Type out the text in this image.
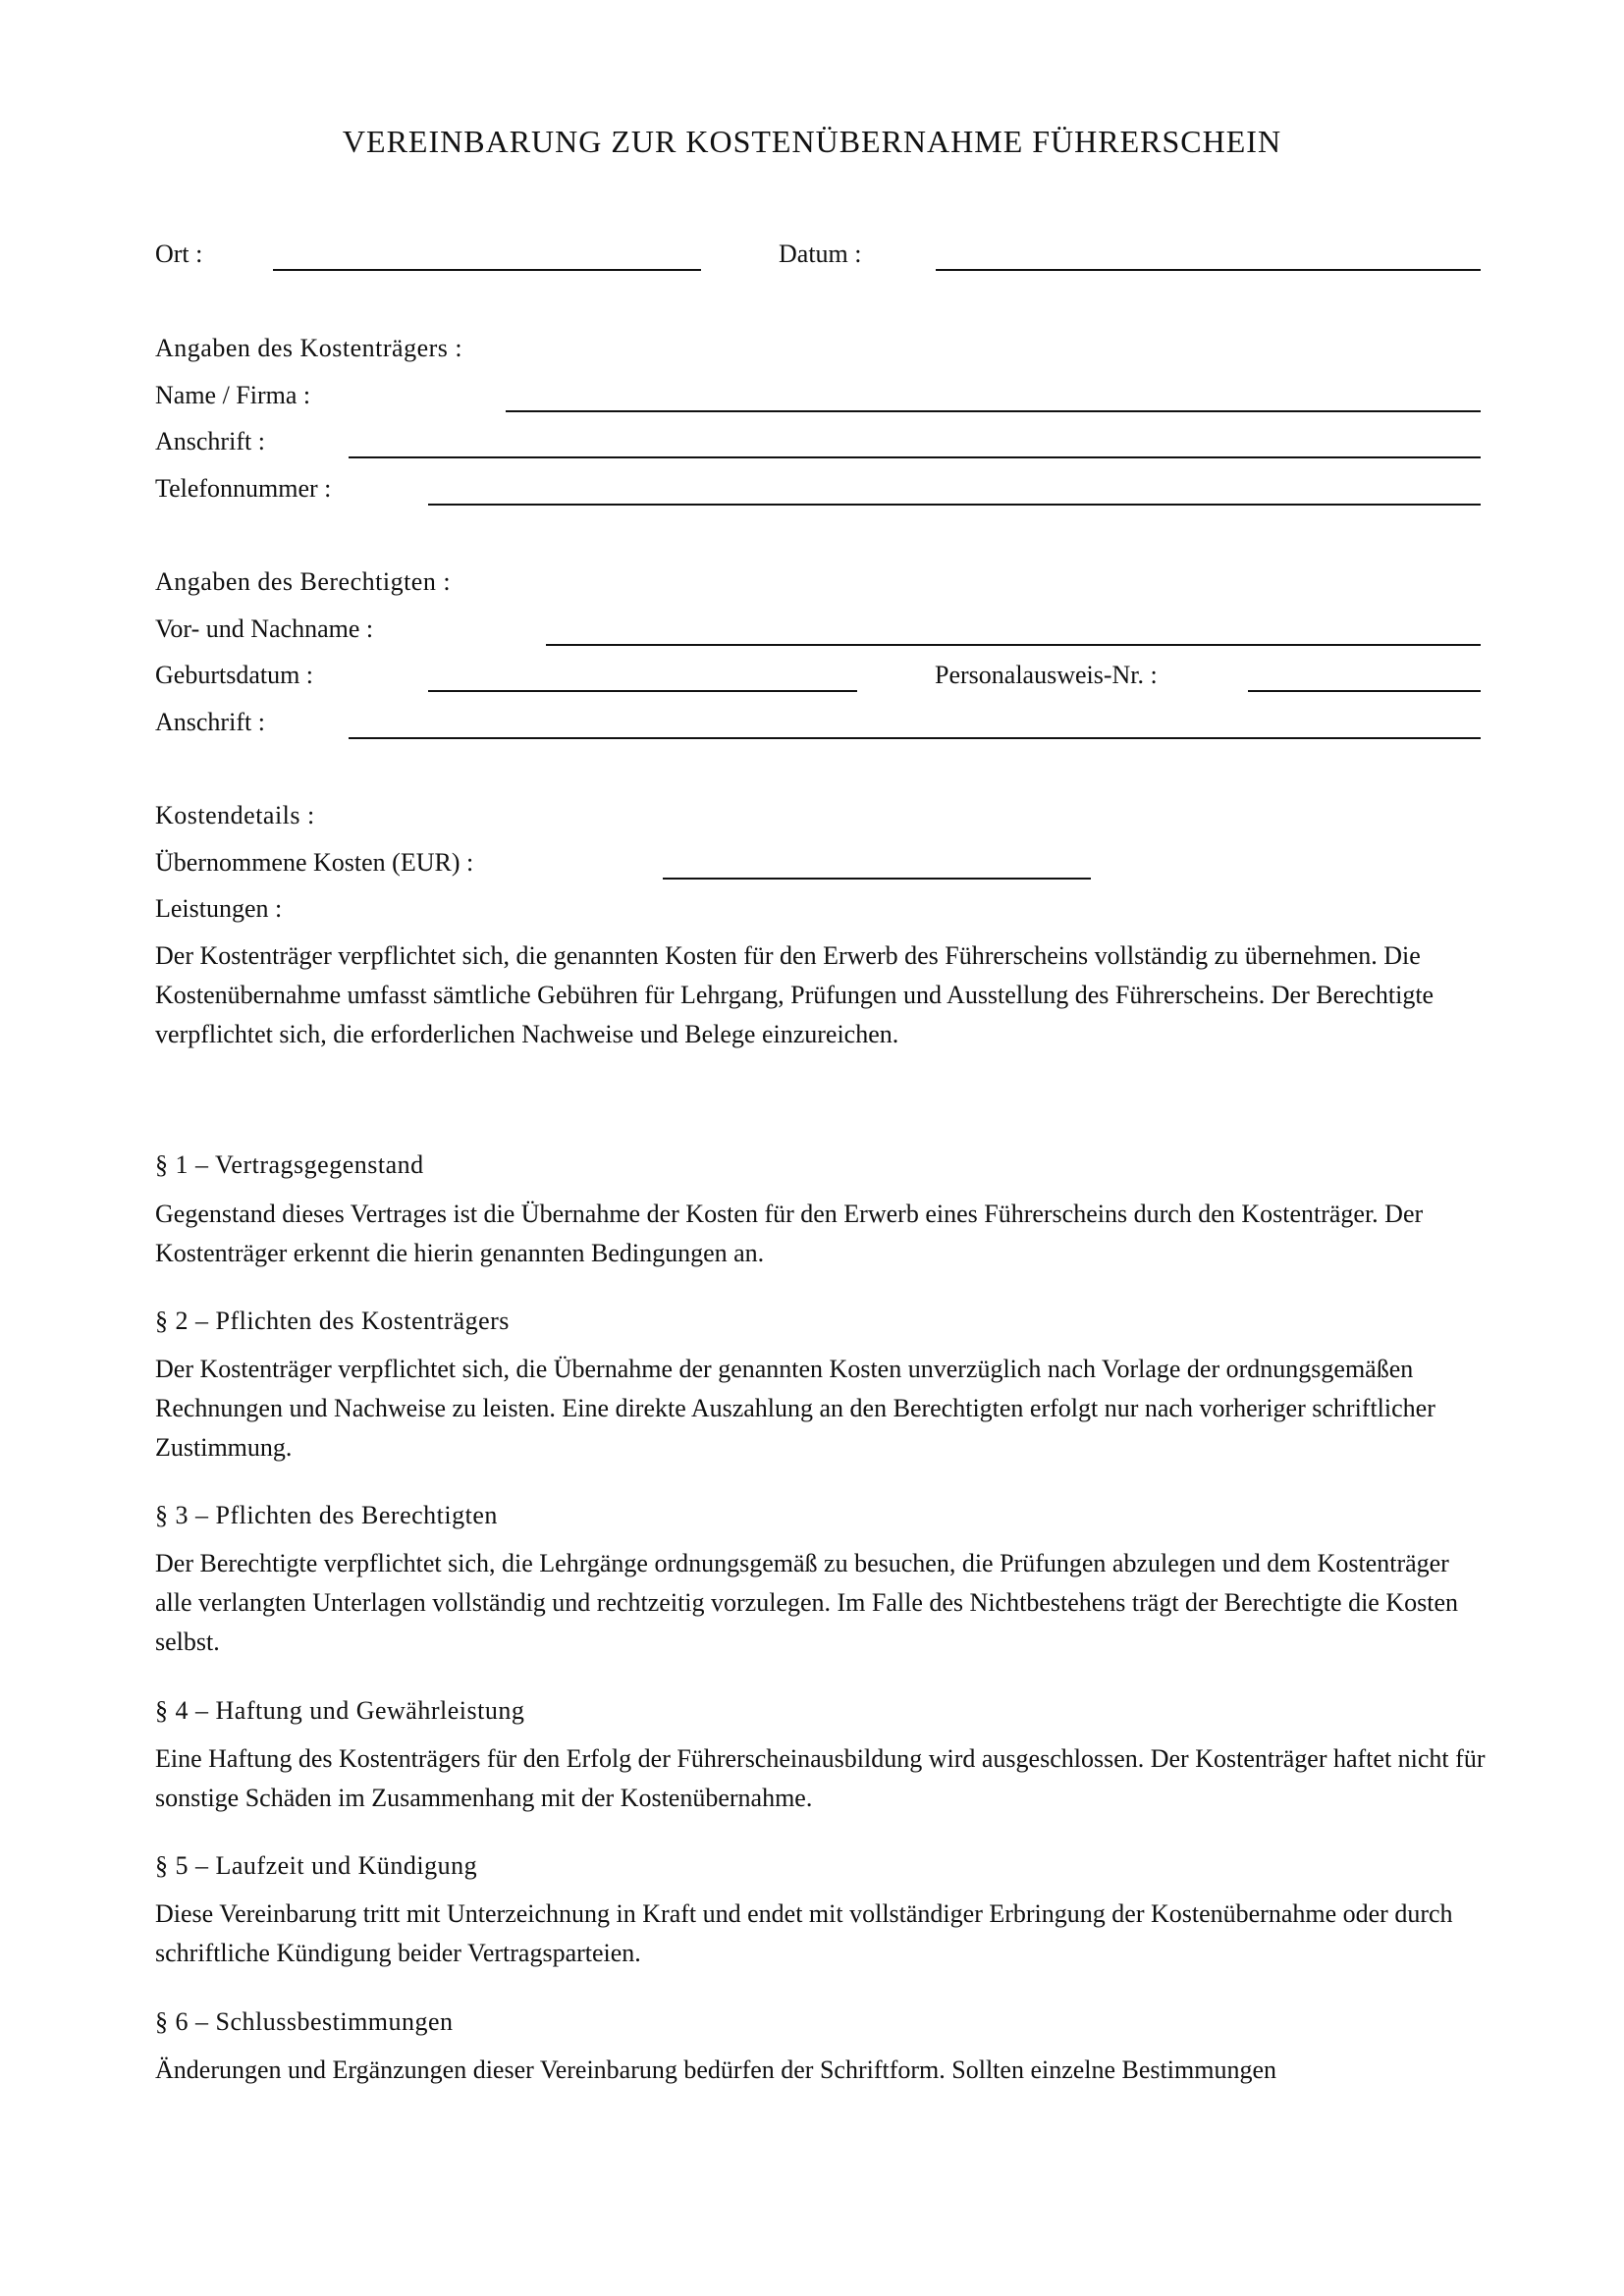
VEREINBARUNG ZUR KOSTENÜBERNAHME FÜHRERSCHEIN
Ort :	Datum :
Angaben des Kostenträgers :
Name / Firma :
Anschrift :
Telefonnummer :
Angaben des Berechtigten :
Vor- und Nachname :
Geburtsdatum :	Personalausweis-Nr. :
Anschrift :
Kostendetails :
Übernommene Kosten (EUR) :
Leistungen :

Der Kostenträger verpflichtet sich, die genannten Kosten für den Erwerb des Führerscheins vollständig zu übernehmen. Die Kostenübernahme umfasst sämtliche Gebühren für Lehrgang, Prüfungen und Ausstellung des Führerscheins. Der Berechtigte verpflichtet sich, die erforderlichen Nachweise und Belege einzureichen.

§ 1 – Vertragsgegenstand

Gegenstand dieses Vertrages ist die Übernahme der Kosten für den Erwerb eines Führerscheins durch den Kostenträger. Der Kostenträger erkennt die hierin genannten Bedingungen an.

§ 2 – Pflichten des Kostenträgers

Der Kostenträger verpflichtet sich, die Übernahme der genannten Kosten unverzüglich nach Vorlage der ordnungsgemäßen Rechnungen und Nachweise zu leisten. Eine direkte Auszahlung an den Berechtigten erfolgt nur nach vorheriger schriftlicher Zustimmung.

§ 3 – Pflichten des Berechtigten

Der Berechtigte verpflichtet sich, die Lehrgänge ordnungsgemäß zu besuchen, die Prüfungen abzulegen und dem Kostenträger alle verlangten Unterlagen vollständig und rechtzeitig vorzulegen. Im Falle des Nichtbestehens trägt der Berechtigte die Kosten selbst.

§ 4 – Haftung und Gewährleistung

Eine Haftung des Kostenträgers für den Erfolg der Führerscheinausbildung wird ausgeschlossen. Der Kostenträger haftet nicht für sonstige Schäden im Zusammenhang mit der Kostenübernahme.

§ 5 – Laufzeit und Kündigung

Diese Vereinbarung tritt mit Unterzeichnung in Kraft und endet mit vollständiger Erbringung der Kostenübernahme oder durch schriftliche Kündigung beider Vertragsparteien.

§ 6 – Schlussbestimmungen

Änderungen und Ergänzungen dieser Vereinbarung bedürfen der Schriftform. Sollten einzelne Bestimmungen
